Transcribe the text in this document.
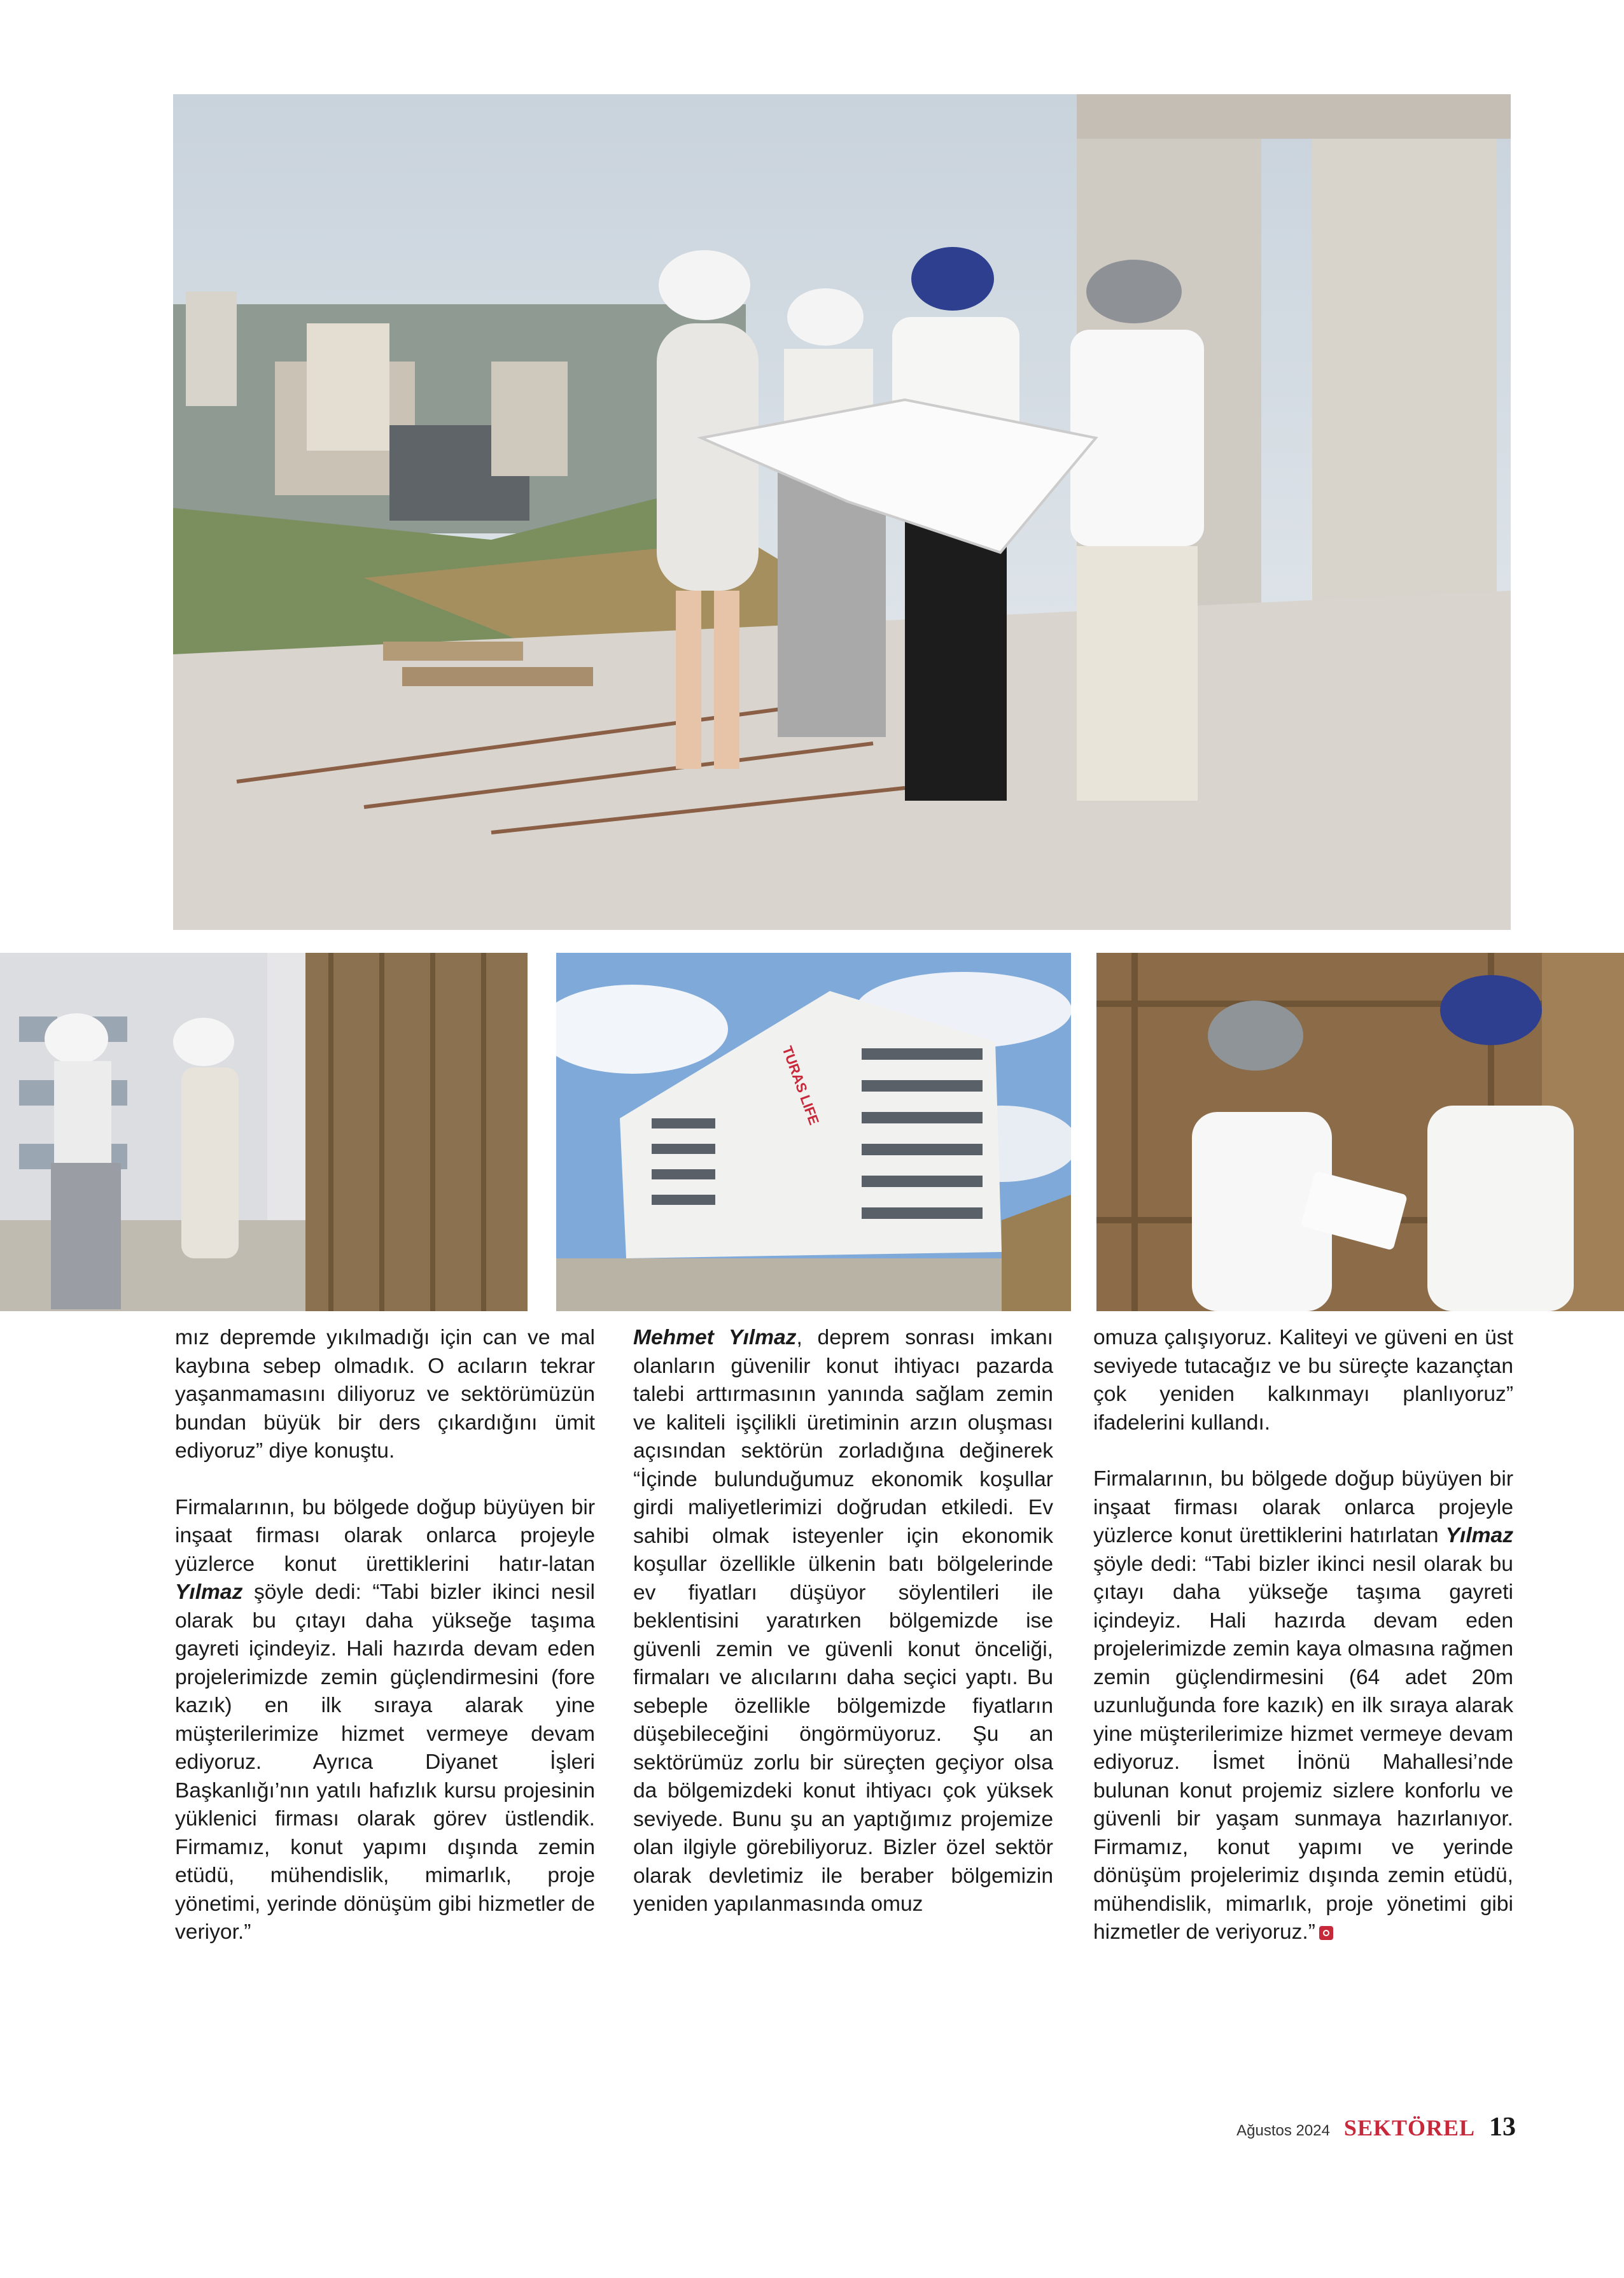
TURAS LIFE

mız depremde yıkılmadığı için can ve mal kaybına sebep olmadık. O acıların tekrar yaşanmamasını diliyoruz ve sektörümüzün bundan büyük bir ders çıkardığını ümit ediyoruz” diye konuştu.

Firmalarının, bu bölgede doğup büyüyen bir inşaat firması olarak onlarca projeyle yüzlerce konut ürettiklerini hatır-latan Yılmaz şöyle dedi: “Tabi bizler ikinci nesil olarak bu çıtayı daha yükseğe taşıma gayreti içindeyiz. Hali hazırda devam eden projelerimizde zemin güçlendirmesini (fore kazık) en ilk sıraya alarak yine müşterilerimize hizmet vermeye devam ediyoruz. Ayrıca Diyanet İşleri Başkanlığı’nın yatılı hafızlık kursu projesinin yüklenici firması olarak görev üstlendik. Firmamız, konut yapımı dışında zemin etüdü, mühendislik, mimarlık, proje yönetimi, yerinde dönüşüm gibi hizmetler de veriyor.”

Mehmet Yılmaz, deprem sonrası imkanı olanların güvenilir konut ihtiyacı pazarda talebi arttırmasının yanında sağlam zemin ve kaliteli işçilikli üretiminin arzın oluşması açısından sektörün zorladığına değinerek “İçinde bulunduğumuz ekonomik koşullar girdi maliyetlerimizi doğrudan etkiledi. Ev sahibi olmak isteyenler için ekonomik koşullar özellikle ülkenin batı bölgelerinde ev fiyatları düşüyor söylentileri ile beklentisini yaratırken bölgemizde ise güvenli zemin ve güvenli konut önceliği, firmaları ve alıcılarını daha seçici yaptı. Bu sebeple özellikle bölgemizde fiyatların düşebileceğini öngörmüyoruz. Şu an sektörümüz zorlu bir süreçten geçiyor olsa da bölgemizdeki konut ihtiyacı çok yüksek seviyede. Bunu şu an yaptığımız projemize olan ilgiyle görebiliyoruz. Bizler özel sektör olarak devletimiz ile beraber bölgemizin yeniden yapılanmasında omuz

omuza çalışıyoruz. Kaliteyi ve güveni en üst seviyede tutacağız ve bu süreçte kazançtan çok yeniden kalkınmayı planlıyoruz” ifadelerini kullandı.

Firmalarının, bu bölgede doğup büyüyen bir inşaat firması olarak onlarca projeyle yüzlerce konut ürettiklerini hatırlatan Yılmaz şöyle dedi: “Tabi bizler ikinci nesil olarak bu çıtayı daha yükseğe taşıma gayreti içindeyiz. Hali hazırda devam eden projelerimizde zemin kaya olmasına rağmen zemin güçlendirmesini (64 adet 20m uzunluğunda fore kazık) en ilk sıraya alarak yine müşterilerimize hizmet vermeye devam ediyoruz. İsmet İnönü Mahallesi’nde bulunan konut projemiz sizlere konforlu ve güvenli bir yaşam sunmaya hazırlanıyor. Firmamız, konut yapımı ve yerinde dönüşüm projelerimiz dışında zemin etüdü, mühendislik, mimarlık, proje yönetimi gibi hizmetler de veriyoruz.”

Ağustos 2024 SEKTÖREL 13
